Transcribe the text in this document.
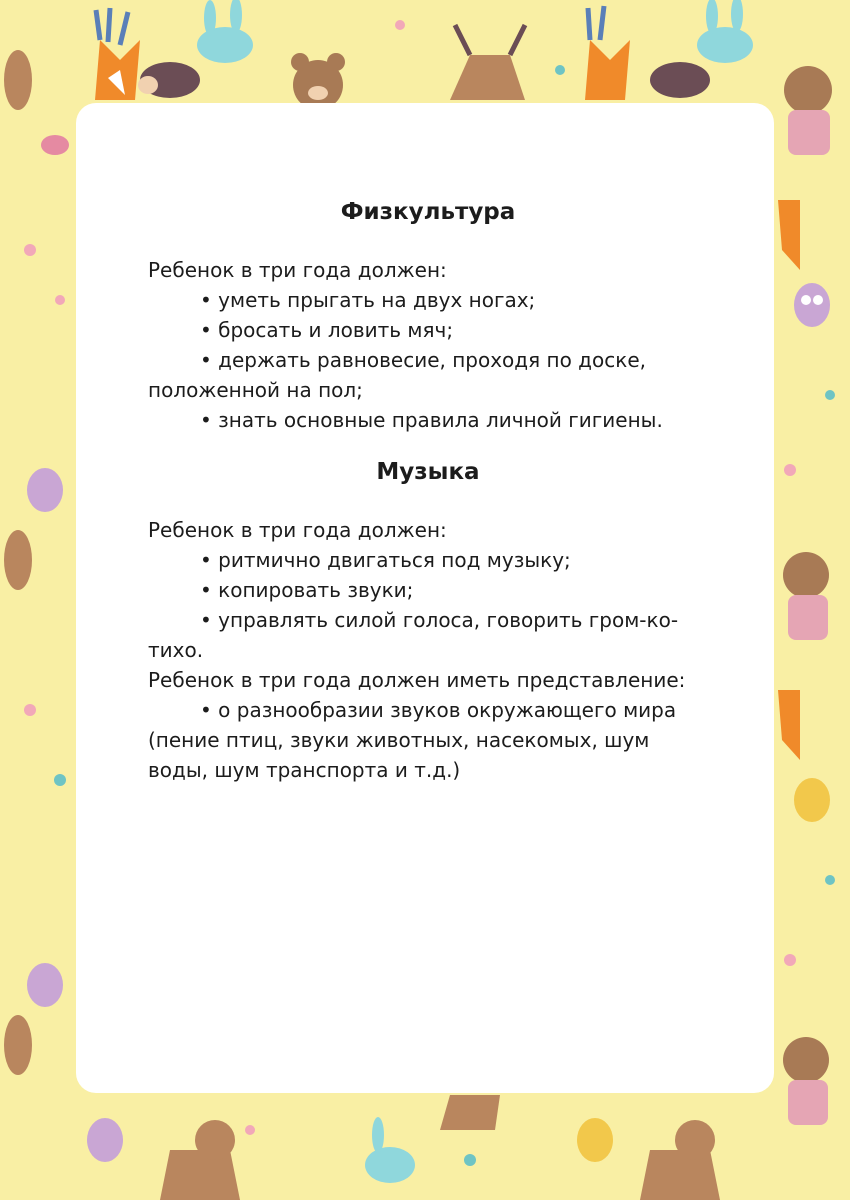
Физкультура

Ребенок в три года должен:

• уметь прыгать на двух ногах;

• бросать и ловить мяч;

• держать равновесие, проходя по доске, положенной на пол;

• знать основные правила личной гигиены.

Музыка

Ребенок в три года должен:

• ритмично двигаться под музыку;

• копировать звуки;

• управлять силой голоса, говорить гром-ко-тихо.

Ребенок в три года должен иметь представление:

• о разнообразии звуков окружающего мира (пение птиц, звуки животных, насекомых, шум воды, шум транспорта и т.д.)
